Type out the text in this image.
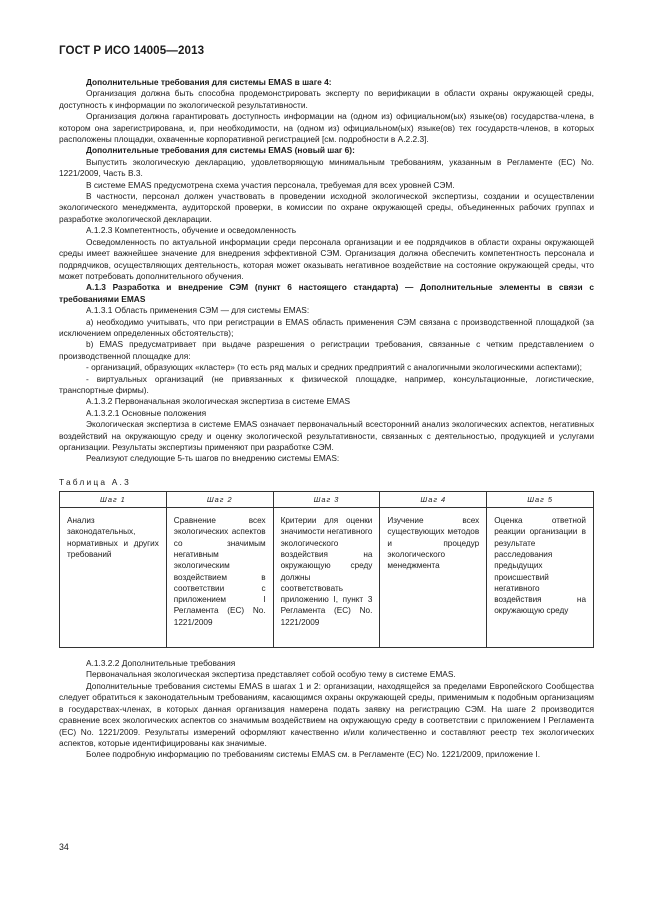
ГОСТ Р ИСО 14005—2013

Дополнительные требования для системы EMAS в шаге 4:

Организация должна быть способна продемонстрировать эксперту по верификации в области охраны окружающей среды, доступность к информации по экологической результативности.

Организация должна гарантировать доступность информации на (одном из) официальном(ых) языке(ов) государства-члена, в котором она зарегистрирована, и, при необходимости, на (одном из) официальном(ых) языке(ов) тех государств-членов, в которых расположены площадки, охваченные корпоративной регистрацией [см. подробности в А.2.2.3].

Дополнительные требования для системы EMAS (новый шаг 6):

Выпустить экологическую декларацию, удовлетворяющую минимальным требованиям, указанным в Регламенте (ЕС) No. 1221/2009, Часть В.3.

В системе EMAS предусмотрена схема участия персонала, требуемая для всех уровней СЭМ.

В частности, персонал должен участвовать в проведении исходной экологической экспертизы, создании и осуществлении экологического менеджмента, аудиторской проверки, в комиссии по охране окружающей среды, объединенных рабочих группах и разработке экологической декларации.

А.1.2.3 Компетентность, обучение и осведомленность

Осведомленность по актуальной информации среди персонала организации и ее подрядчиков в области охраны окружающей среды имеет важнейшее значение для внедрения эффективной СЭМ. Организация должна обеспечить компетентность персонала и подрядчиков, осуществляющих деятельность, которая может оказывать негативное воздействие на состояние окружающей среды, что может потребовать дополнительного обучения.

А.1.3 Разработка и внедрение СЭМ (пункт 6 настоящего стандарта) — Дополнительные элементы в связи с требованиями EMAS

А.1.3.1 Область применения СЭМ — для системы EMAS:

а) необходимо учитывать, что при регистрации в EMAS область применения СЭМ связана с производственной площадкой (за исключением определенных обстоятельств);

b) EMAS предусматривает при выдаче разрешения о регистрации требования, связанные с четким представлением о производственной площадке для:

- организаций, образующих «кластер» (то есть ряд малых и средних предприятий с аналогичными экологическими аспектами);

- виртуальных организаций (не привязанных к физической площадке, например, консультационные, логистические, транспортные фирмы).

А.1.3.2 Первоначальная экологическая экспертиза в системе EMAS

А.1.3.2.1 Основные положения

Экологическая экспертиза в системе EMAS означает первоначальный всесторонний анализ экологических аспектов, негативных воздействий на окружающую среду и оценку экологической результативности, связанных с деятельностью, продукцией и услугами организации. Результаты экспертизы применяют при разработке СЭМ.

Реализуют следующие 5-ть шагов по внедрению системы EMAS:

Таблица А.3
Шаг 1	Шаг 2	Шаг 3	Шаг 4	Шаг 5
Анализ законодательных, нормативных и других требований	Сравнение всех экологических аспектов со значимым негативным экологическим воздействием в соответствии с приложением I Регламента (ЕС) No. 1221/2009	Критерии для оценки значимости негативного экологического воздействия на окружающую среду должны соответствовать приложению I, пункт 3 Регламента (ЕС) No. 1221/2009	Изучение всех существующих методов и процедур экологического менеджмента	Оценка ответной реакции организации в результате расследования предыдущих происшествий негативного воздействия на окружающую среду

А.1.3.2.2 Дополнительные требования

Первоначальная экологическая экспертиза представляет собой особую тему в системе EMAS.

Дополнительные требования системы EMAS в шагах 1 и 2: организации, находящейся за пределами Европейского Сообщества следует обратиться к законодательным требованиям, касающимся охраны окружающей среды, применимым к подобным организациям в государствах-членах, в которых данная организация намерена подать заявку на регистрацию СЭМ. На шаге 2 производится сравнение всех экологических аспектов со значимым воздействием на окружающую среду в соответствии с приложением I Регламента (ЕС) No. 1221/2009. Результаты измерений оформляют качественно и/или количественно и составляют реестр тех экологических аспектов, которые идентифицированы как значимые.

Более подробную информацию по требованиям системы EMAS см. в Регламенте (ЕС) No. 1221/2009, приложение I.

34
